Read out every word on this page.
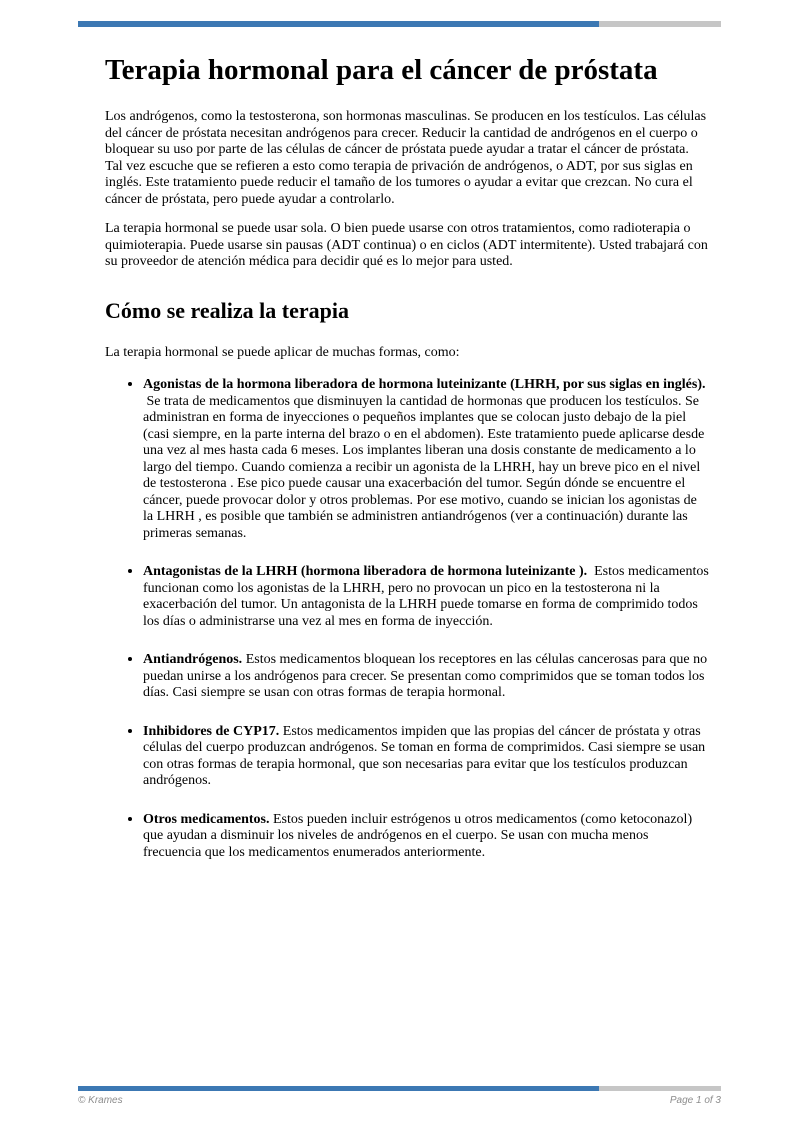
Terapia hormonal para el cáncer de próstata

Los andrógenos, como la testosterona, son hormonas masculinas. Se producen en los testículos. Las células del cáncer de próstata necesitan andrógenos para crecer. Reducir la cantidad de andrógenos en el cuerpo o bloquear su uso por parte de las células de cáncer de próstata puede ayudar a tratar el cáncer de próstata. Tal vez escuche que se refieren a esto como terapia de privación de andrógenos, o ADT, por sus siglas en inglés. Este tratamiento puede reducir el tamaño de los tumores o ayudar a evitar que crezcan. No cura el cáncer de próstata, pero puede ayudar a controlarlo.

La terapia hormonal se puede usar sola. O bien puede usarse con otros tratamientos, como radioterapia o quimioterapia. Puede usarse sin pausas (ADT continua) o en ciclos (ADT intermitente). Usted trabajará con su proveedor de atención médica para decidir qué es lo mejor para usted.

Cómo se realiza la terapia

La terapia hormonal se puede aplicar de muchas formas, como:

• Agonistas de la hormona liberadora de hormona luteinizante (LHRH, por sus siglas en inglés).  Se trata de medicamentos que disminuyen la cantidad de hormonas que producen los testículos. Se administran en forma de inyecciones o pequeños implantes que se colocan justo debajo de la piel (casi siempre, en la parte interna del brazo o en el abdomen). Este tratamiento puede aplicarse desde una vez al mes hasta cada 6 meses. Los implantes liberan una dosis constante de medicamento a lo largo del tiempo. Cuando comienza a recibir un agonista de la LHRH, hay un breve pico en el nivel de testosterona . Ese pico puede causar una exacerbación del tumor. Según dónde se encuentre el cáncer, puede provocar dolor y otros problemas. Por ese motivo, cuando se inician los agonistas de la LHRH , es posible que también se administren antiandrógenos (ver a continuación) durante las primeras semanas.
• Antagonistas de la LHRH (hormona liberadora de hormona luteinizante ).  Estos medicamentos funcionan como los agonistas de la LHRH, pero no provocan un pico en la testosterona ni la exacerbación del tumor. Un antagonista de la LHRH puede tomarse en forma de comprimido todos los días o administrarse una vez al mes en forma de inyección.
• Antiandrógenos. Estos medicamentos bloquean los receptores en las células cancerosas para que no puedan unirse a los andrógenos para crecer. Se presentan como comprimidos que se toman todos los días. Casi siempre se usan con otras formas de terapia hormonal.
• Inhibidores de CYP17. Estos medicamentos impiden que las propias del cáncer de próstata y otras células del cuerpo produzcan andrógenos. Se toman en forma de comprimidos. Casi siempre se usan con otras formas de terapia hormonal, que son necesarias para evitar que los testículos produzcan andrógenos.
• Otros medicamentos. Estos pueden incluir estrógenos u otros medicamentos (como ketoconazol) que ayudan a disminuir los niveles de andrógenos en el cuerpo. Se usan con mucha menos frecuencia que los medicamentos enumerados anteriormente.
© Krames	Page 1 of 3
